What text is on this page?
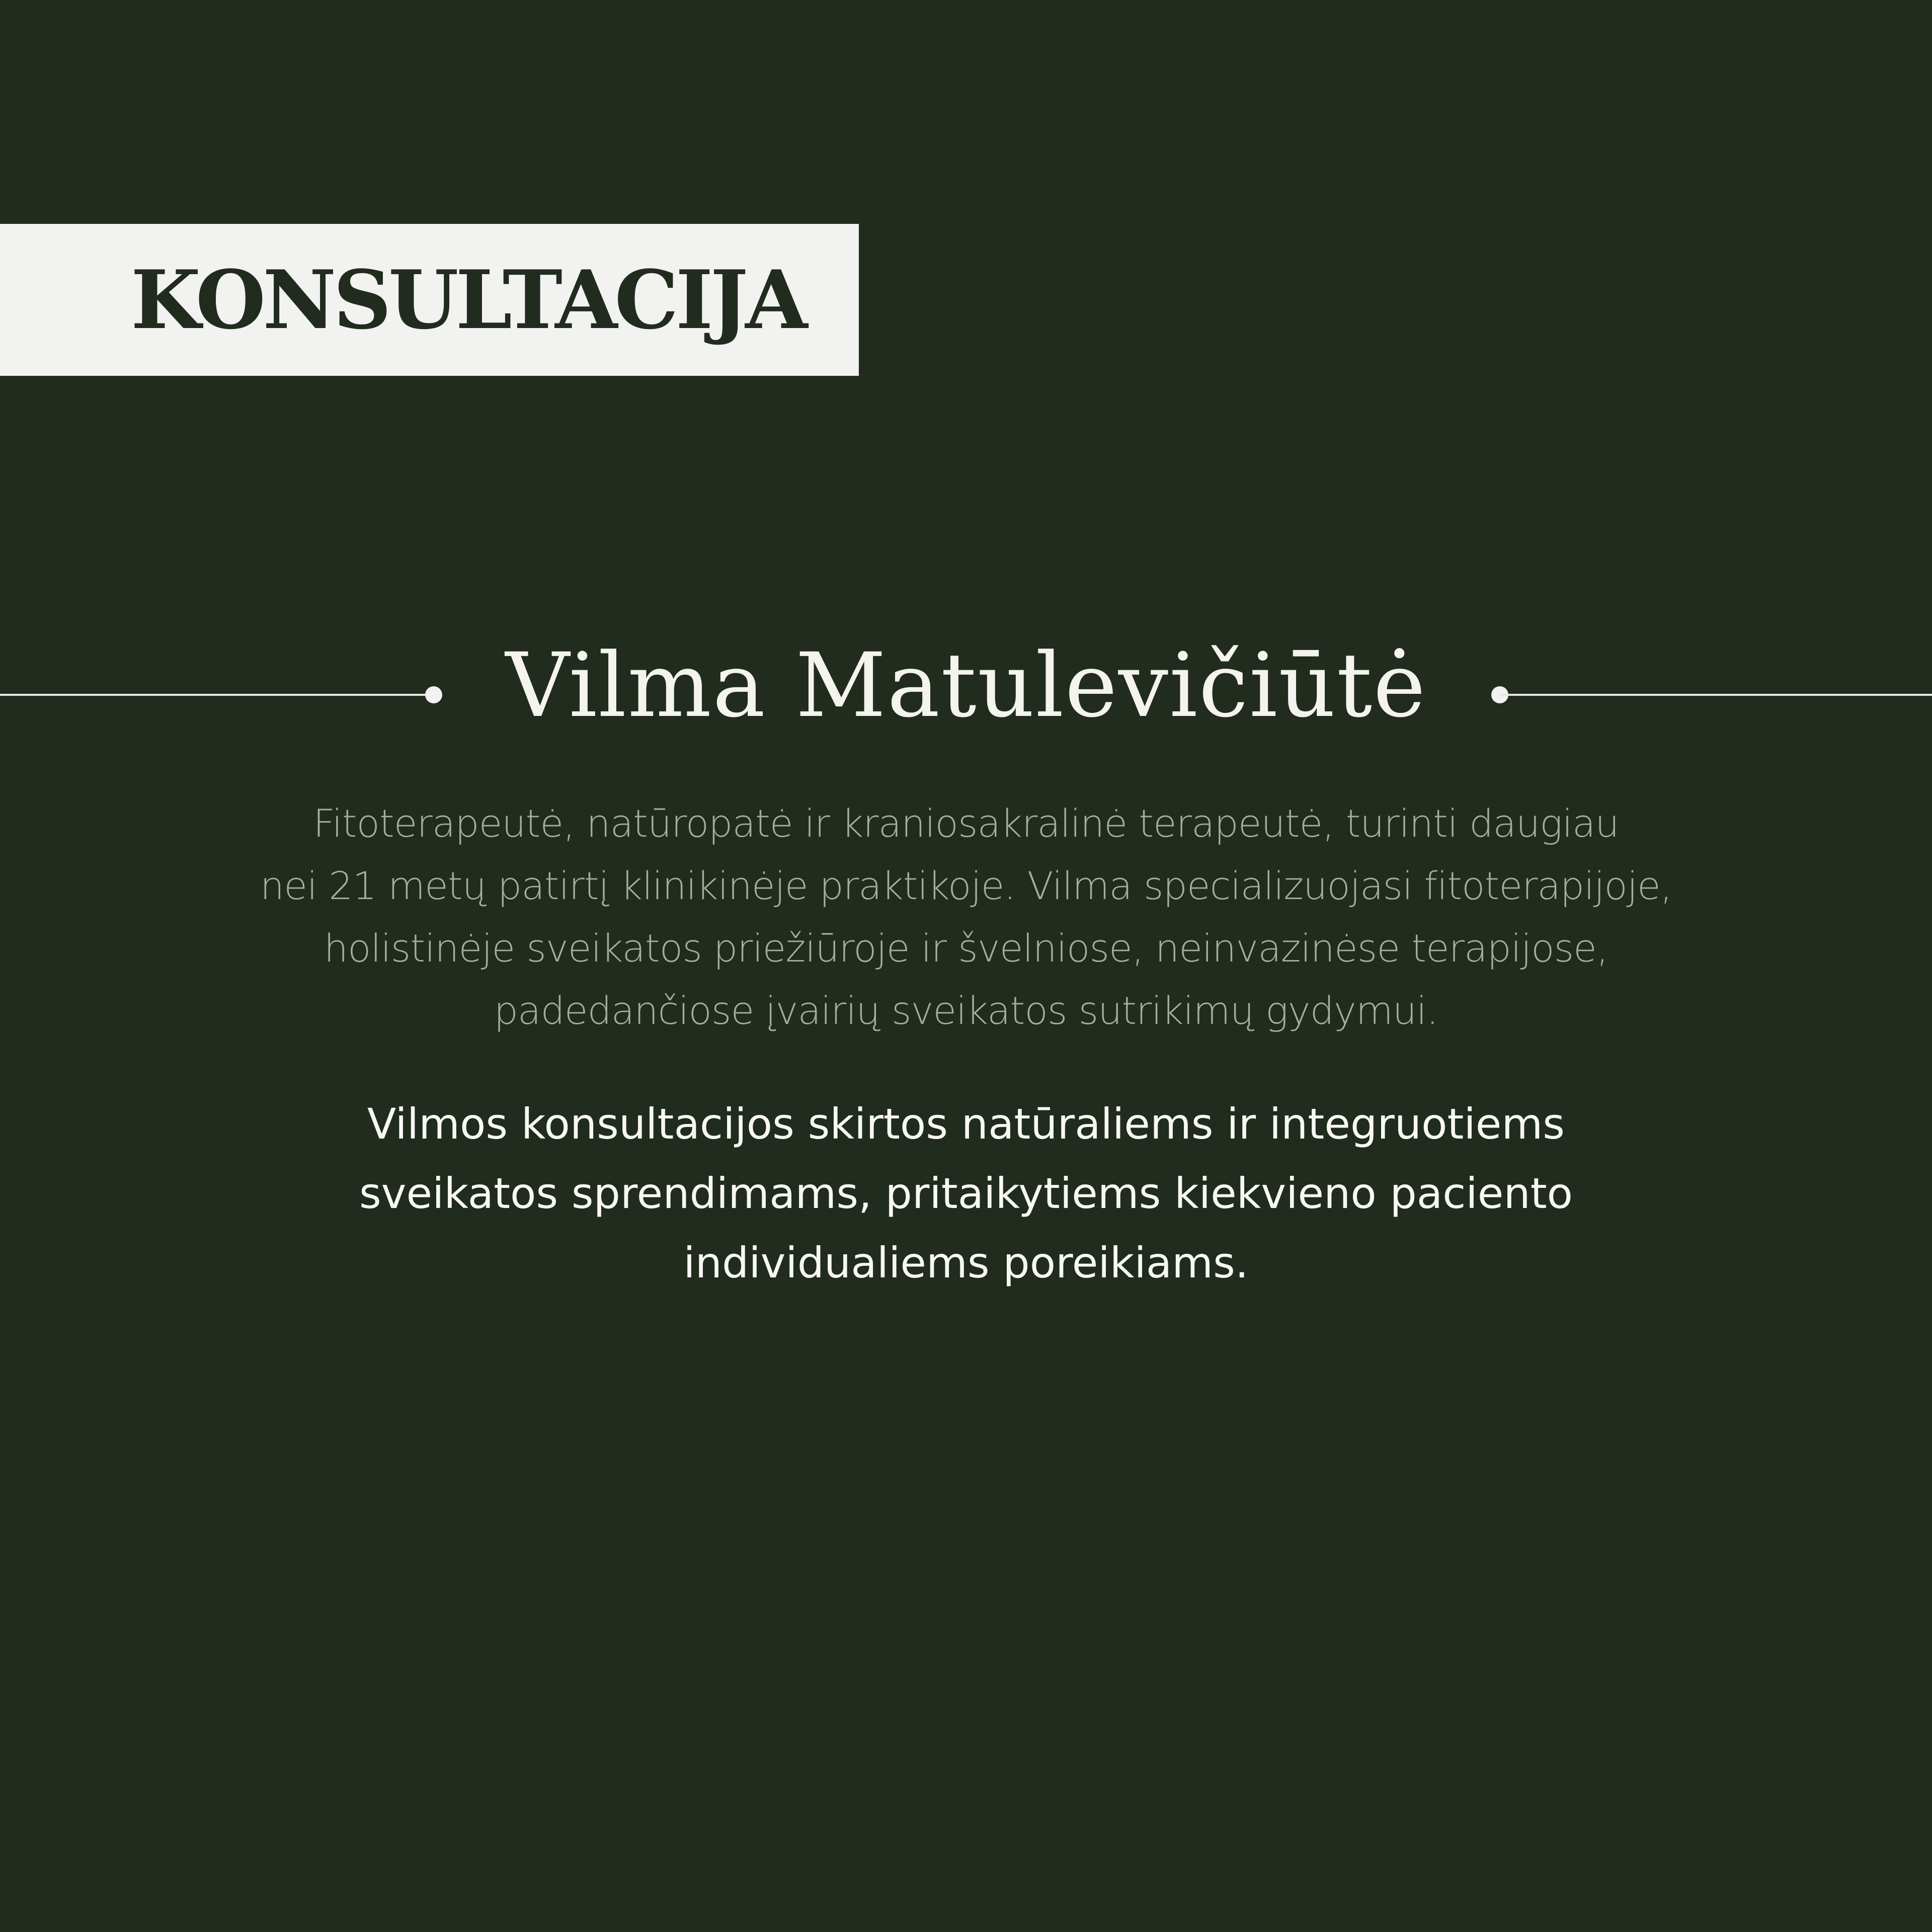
KONSULTACIJA
Vilma Matulevičiūtė
Fitoterapeutė, natūropatė ir kraniosakralinė terapeutė, turinti daugiau
nei 21 metų patirtį klinikinėje praktikoje. Vilma specializuojasi fitoterapijoje,
holistinėje sveikatos priežiūroje ir švelniose, neinvazinėse terapijose,
padedančiose įvairių sveikatos sutrikimų gydymui.
Vilmos konsultacijos skirtos natūraliems ir integruotiems
sveikatos sprendimams, pritaikytiems kiekvieno paciento
individualiems poreikiams.
